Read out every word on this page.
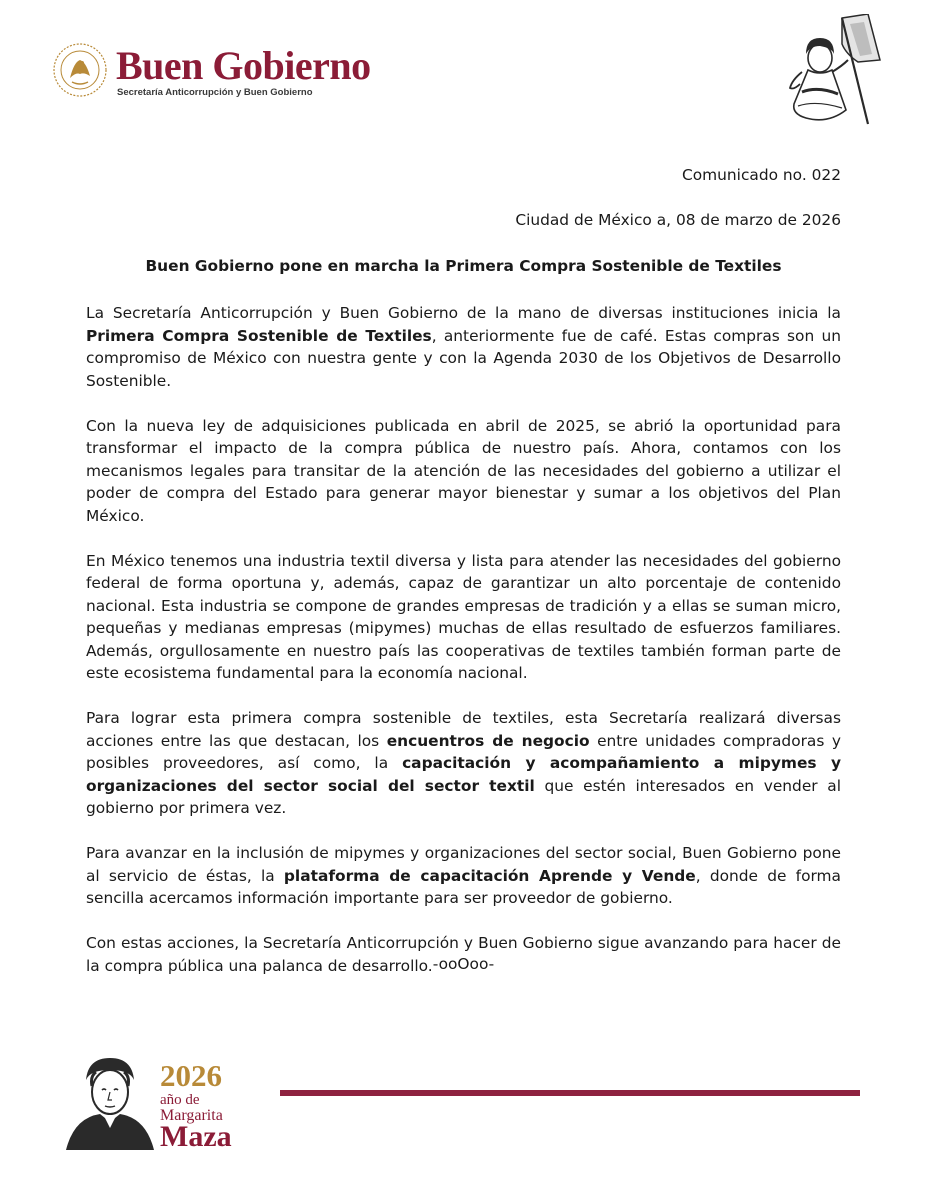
Buen Gobierno
Secretaría Anticorrupción y Buen Gobierno
Comunicado no. 022
Ciudad de México a, 08 de marzo de 2026
Buen Gobierno pone en marcha la Primera Compra Sostenible de Textiles

La Secretaría Anticorrupción y Buen Gobierno de la mano de diversas instituciones inicia la Primera Compra Sostenible de Textiles, anteriormente fue de café. Estas compras son un compromiso de México con nuestra gente y con la Agenda 2030 de los Objetivos de Desarrollo Sostenible.

Con la nueva ley de adquisiciones publicada en abril de 2025, se abrió la oportunidad para transformar el impacto de la compra pública de nuestro país. Ahora, contamos con los mecanismos legales para transitar de la atención de las necesidades del gobierno a utilizar el poder de compra del Estado para generar mayor bienestar y sumar a los objetivos del Plan México.

En México tenemos una industria textil diversa y lista para atender las necesidades del gobierno federal de forma oportuna y, además, capaz de garantizar un alto porcentaje de contenido nacional. Esta industria se compone de grandes empresas de tradición y a ellas se suman micro, pequeñas y medianas empresas (mipymes) muchas de ellas resultado de esfuerzos familiares. Además, orgullosamente en nuestro país las cooperativas de textiles también forman parte de este ecosistema fundamental para la economía nacional.

Para lograr esta primera compra sostenible de textiles, esta Secretaría realizará diversas acciones entre las que destacan, los encuentros de negocio entre unidades compradoras y posibles proveedores, así como, la capacitación y acompañamiento a mipymes y organizaciones del sector social del sector textil que estén interesados en vender al gobierno por primera vez.

Para avanzar en la inclusión de mipymes y organizaciones del sector social, Buen Gobierno pone al servicio de éstas, la plataforma de capacitación Aprende y Vende, donde de forma sencilla acercamos información importante para ser proveedor de gobierno.

Con estas acciones, la Secretaría Anticorrupción y Buen Gobierno sigue avanzando para hacer de la compra pública una palanca de desarrollo. -ooOoo-
2026
año de
Margarita
Maza
